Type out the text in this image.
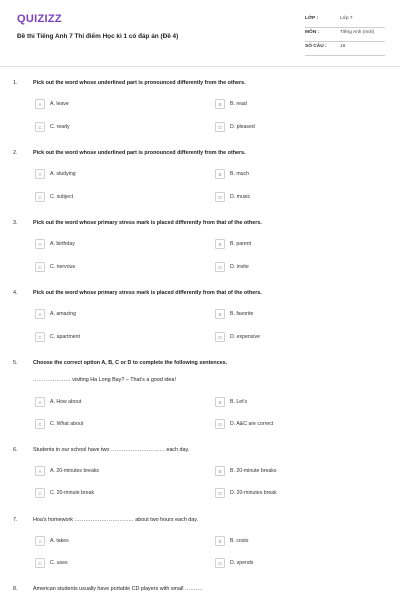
QUIZIZZ
Đề thi Tiếng Anh 7 Thí điểm Học kì 1 có đáp án (Đề 4)
LỚP :	Lớp 7
MÔN :	Tiếng Anh (mới)
SỐ CÂU :	16
1.	Pick out the word whose underlined part is pronounced differently from the others.
A	A. leave	B	B. read
C	C. ready	D	D. pleased
2.	Pick out the word whose underlined part is pronounced differently from the others.
A	A. studying	B	B. much
C	C. subject	D	D. music
3.	Pick out the word whose primary stress mark is placed differently from that of the others.
A	A. birthday	B	B. parent
C	C. nervous	D	D. invite
4.	Pick out the word whose primary stress mark is placed differently from that of the others.
A	A. amazing	B	B. favorite
C	C. apartment	D	D. expensive
5.	Choose the correct option A, B, C or D to complete the following sentences.
………………… visiting Ha Long Bay? – That’s a good idea!
A	A. How about	B	B. Let's
C	C. What about	D	D. A&C are correct
6.	Students in our school have two ………………………… each day.
A	A. 20-minutes breaks	B	B. 20-minute breaks
C	C. 20-minute break	D	D. 20-minutes break
7.	Hoa's homework …………………………… about two hours each day.
A	A. takes	B	B. costs
C	C. uses	D	D. spends
8.	American students usually have portable CD players with small ……….
